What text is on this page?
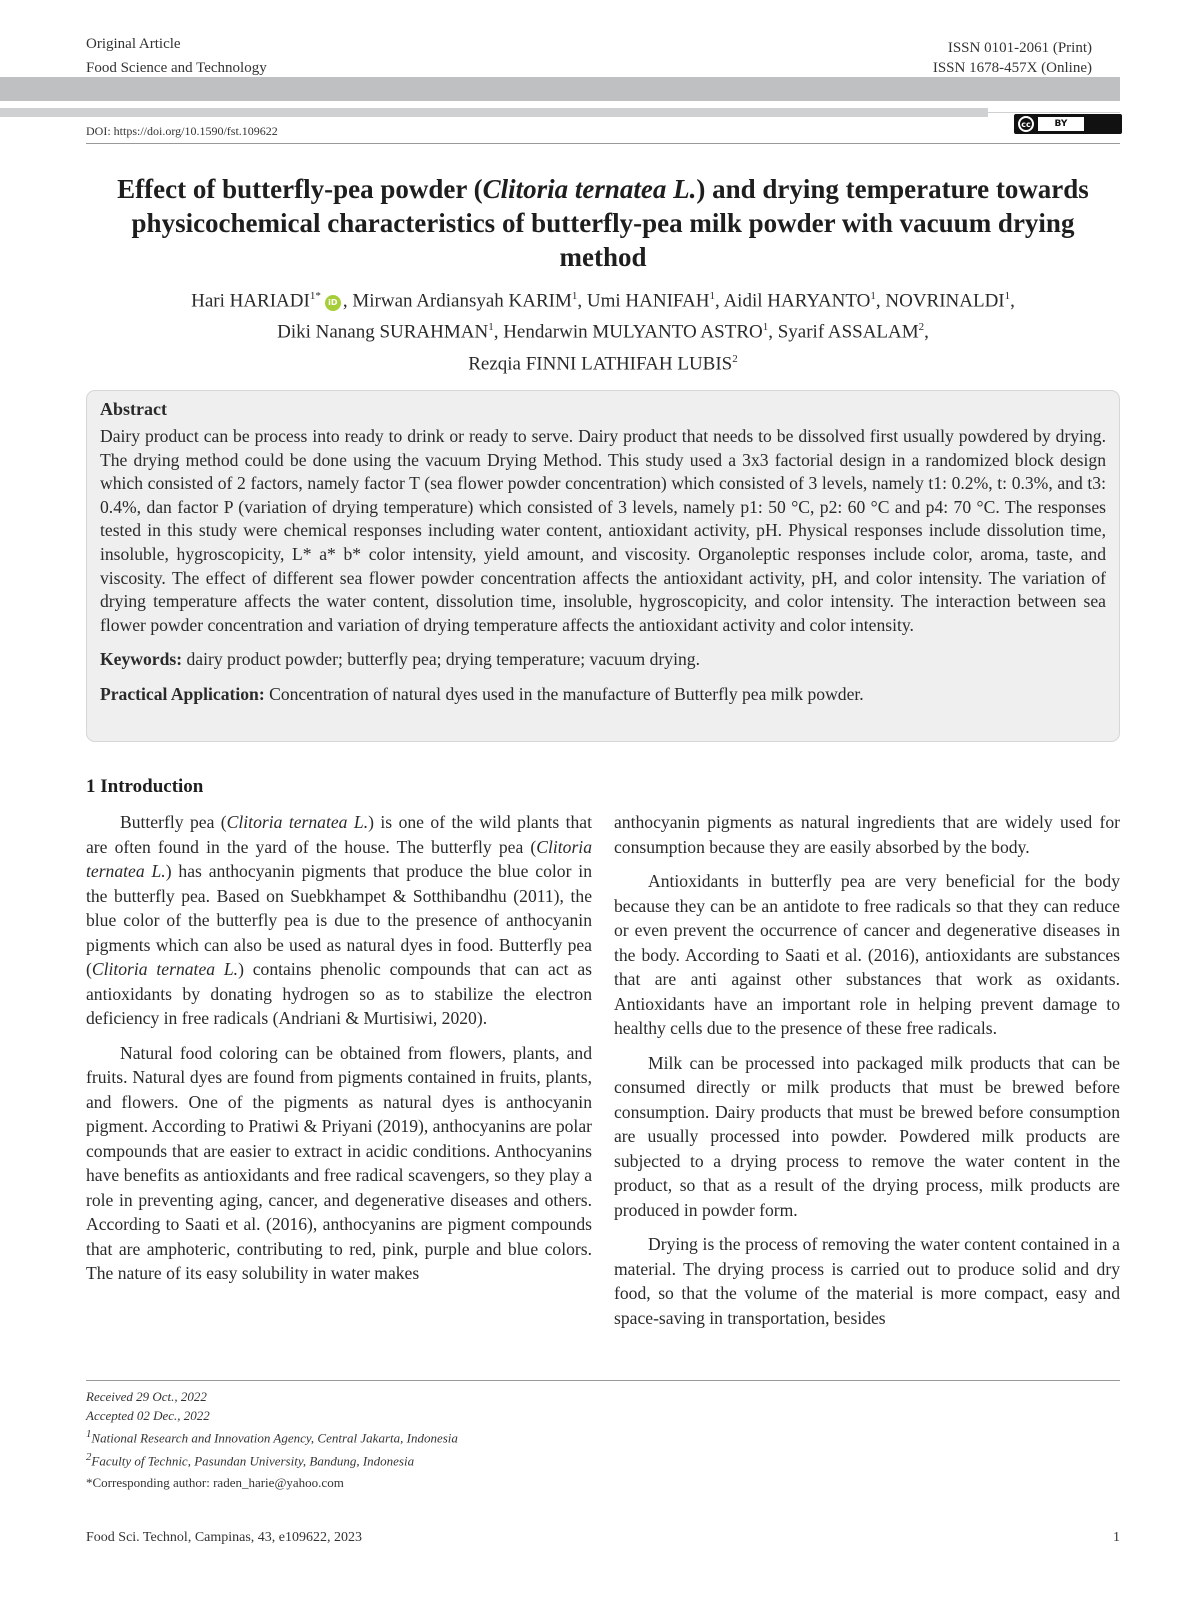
Original Article
Food Science and Technology
ISSN 0101-2061 (Print)
ISSN 1678-457X (Online)
DOI: https://doi.org/10.1590/fst.109622	cc	BY
Effect of butterfly-pea powder (Clitoria ternatea L.) and drying temperature towards physicochemical characteristics of butterfly-pea milk powder with vacuum drying method
Hari $HARIADI^{1*}iD$ , Mirwan Ardiansyah KARIM$^1$, Umi HANIFAH$^1$, Aidil HARYANTO$^1$, NOVRINALDI$^1$,
Diki Nanang SURAHMAN$^1$, Hendarwin MULYANTO ASTRO$^1$, Syarif ASSALAM$^2$,
Rezqia FINNI LATHIFAH LUBIS$^2$
Abstract

Dairy product can be process into ready to drink or ready to serve. Dairy product that needs to be dissolved first usually powdered by drying. The drying method could be done using the vacuum Drying Method. This study used a 3x3 factorial design in a randomized block design which consisted of 2 factors, namely factor T (sea flower powder concentration) which consisted of 3 levels, namely t1: 0.2%, t: 0.3%, and t3: 0.4%, dan factor P (variation of drying temperature) which consisted of 3 levels, namely p1: 50 °C, p2: 60 °C and p4: 70 °C. The responses tested in this study were chemical responses including water content, antioxidant activity, pH. Physical responses include dissolution time, insoluble, hygroscopicity, L* a* b* color intensity, yield amount, and viscosity. Organoleptic responses include color, aroma, taste, and viscosity. The effect of different sea flower powder concentration affects the antioxidant activity, pH, and color intensity. The variation of drying temperature affects the water content, dissolution time, insoluble, hygroscopicity, and color intensity. The interaction between sea flower powder concentration and variation of drying temperature affects the antioxidant activity and color intensity.

Keywords: dairy product powder; butterfly pea; drying temperature; vacuum drying.

Practical Application: Concentration of natural dyes used in the manufacture of Butterfly pea milk powder.

1 Introduction

Butterfly pea (Clitoria ternatea L.) is one of the wild plants that are often found in the yard of the house. The butterfly pea (Clitoria ternatea L.) has anthocyanin pigments that produce the blue color in the butterfly pea. Based on Suebkhampet & Sotthibandhu (2011), the blue color of the butterfly pea is due to the presence of anthocyanin pigments which can also be used as natural dyes in food. Butterfly pea (Clitoria ternatea L.) contains phenolic compounds that can act as antioxidants by donating hydrogen so as to stabilize the electron deficiency in free radicals (Andriani & Murtisiwi, 2020).

Natural food coloring can be obtained from flowers, plants, and fruits. Natural dyes are found from pigments contained in fruits, plants, and flowers. One of the pigments as natural dyes is anthocyanin pigment. According to Pratiwi & Priyani (2019), anthocyanins are polar compounds that are easier to extract in acidic conditions. Anthocyanins have benefits as antioxidants and free radical scavengers, so they play a role in preventing aging, cancer, and degenerative diseases and others. According to Saati et al. (2016), anthocyanins are pigment compounds that are amphoteric, contributing to red, pink, purple and blue colors. The nature of its easy solubility in water makes

anthocyanin pigments as natural ingredients that are widely used for consumption because they are easily absorbed by the body.

Antioxidants in butterfly pea are very beneficial for the body because they can be an antidote to free radicals so that they can reduce or even prevent the occurrence of cancer and degenerative diseases in the body. According to Saati et al. (2016), antioxidants are substances that are anti against other substances that work as oxidants. Antioxidants have an important role in helping prevent damage to healthy cells due to the presence of these free radicals.

Milk can be processed into packaged milk products that can be consumed directly or milk products that must be brewed before consumption. Dairy products that must be brewed before consumption are usually processed into powder. Powdered milk products are subjected to a drying process to remove the water content in the product, so that as a result of the drying process, milk products are produced in powder form.

Drying is the process of removing the water content contained in a material. The drying process is carried out to produce solid and dry food, so that the volume of the material is more compact, easy and space-saving in transportation, besides

Received 29 Oct., 2022
Accepted 02 Dec., 2022
$^1$National Research and Innovation Agency, Central Jakarta, Indonesia
$^2$Faculty of Technic, Pasundan University, Bandung, Indonesia
*Corresponding author: raden_harie@yahoo.com
Food Sci. Technol, Campinas, 43, e109622, 2023	1
